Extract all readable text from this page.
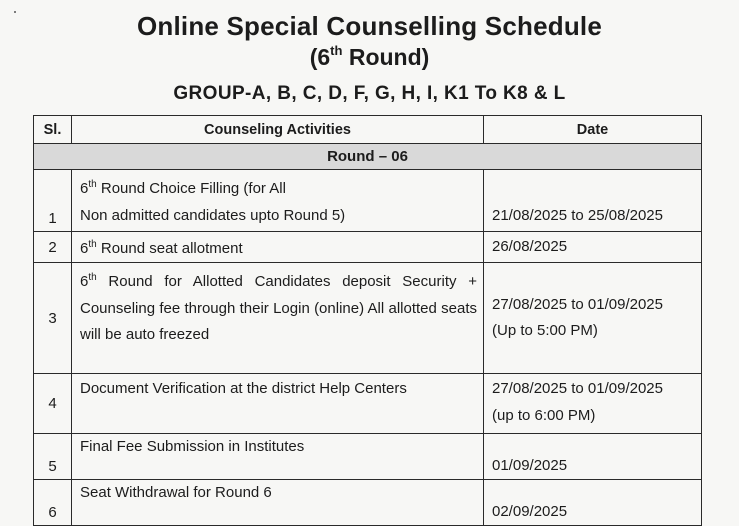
Online Special Counselling Schedule
(6th Round)
GROUP-A, B, C, D, F, G, H, I, K1 To K8 & L
Sl.	Counseling Activities	Date
Round – 06		
1	6th Round Choice Filling (for All
Non admitted candidates upto Round 5)	21/08/2025 to 25/08/2025
2	6th Round seat allotment	26/08/2025
3	6th Round for Allotted Candidates deposit Security + Counseling fee through their Login (online) All allotted seats will be auto freezed	27/08/2025 to 01/09/2025
(Up to 5:00 PM)
4	Document Verification at the district Help Centers	27/08/2025 to 01/09/2025
(up to 6:00 PM)
5	Final Fee Submission in Institutes	01/09/2025
6	Seat Withdrawal for Round 6	02/09/2025
